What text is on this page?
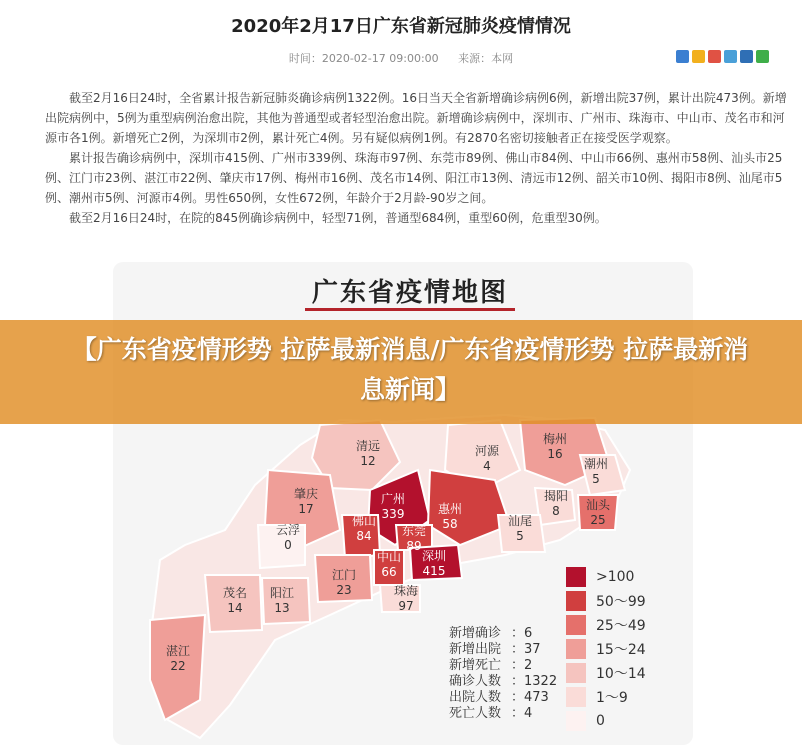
2020年2月17日广东省新冠肺炎疫情情况
时间：2020-02-17 09:00:00 来源：本网

截至2月16日24时，全省累计报告新冠肺炎确诊病例1322例。16日当天全省新增确诊病例6例，新增出院37例，累计出院473例。新增出院病例中，5例为重型病例治愈出院，其他为普通型或者轻型治愈出院。新增确诊病例中，深圳市、广州市、珠海市、中山市、茂名市和河源市各1例。新增死亡2例，为深圳市2例，累计死亡4例。另有疑似病例1例。有2870名密切接触者正在接受医学观察。

累计报告确诊病例中，深圳市415例、广州市339例、珠海市97例、东莞市89例、佛山市84例、中山市66例、惠州市58例、汕头市25例、江门市23例、湛江市22例、肇庆市17例、梅州市16例、茂名市14例、阳江市13例、清远市12例、韶关市10例、揭阳市8例、汕尾市5例、潮州市5例、河源市4例。男性650例，女性672例，年龄介于2月龄-90岁之间。

截至2月16日24时，在院的845例确诊病例中，轻型71例，普通型684例，重型60例，危重型30例。

广东省疫情地图
清远
12
河源
4
梅州
16
潮州
5
肇庆
17
广州
339	惠州
58
揭阳
8 汕头
25
云浮
0
佛山
84	东莞
89
汕尾
5
中山
66
深圳
415
江门
23	珠海
97
茂名
14
阳江
13
湛江
22
【广东省疫情形势 拉萨最新消息/广东省疫情形势 拉萨最新消息新闻】
>100
50～99
25～49
15～24
10～14
1～9
0
新增确诊 ：6
新增出院 ：37
新增死亡 ：2
确诊人数 ：1322
出院人数 ：473
死亡人数 ：4
